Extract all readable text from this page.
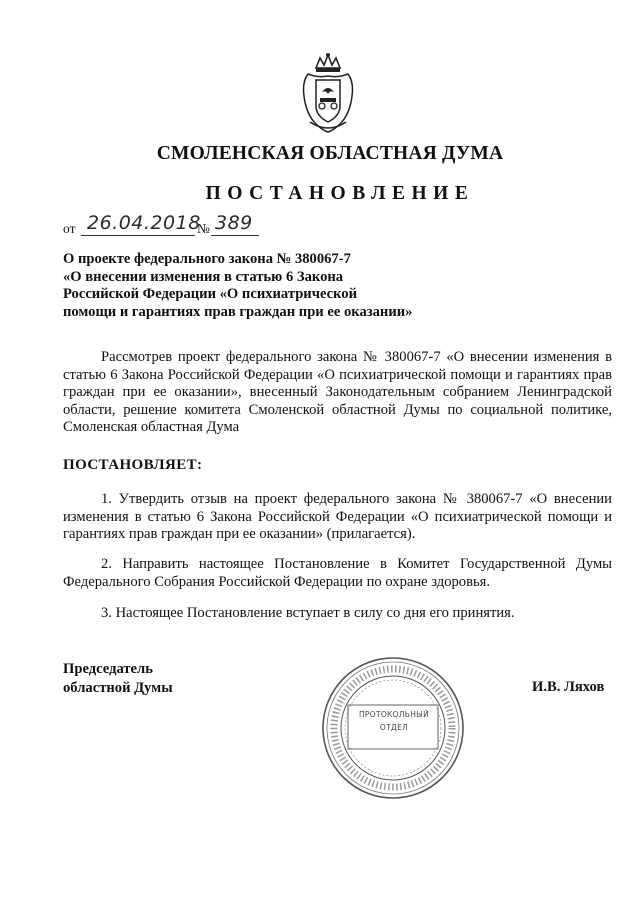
СМОЛЕНСКАЯ ОБЛАСТНАЯ ДУМА
ПОСТАНОВЛЕНИЕ
от 26.04.2018
№ 389
О проекте федерального закона № 380067-7
«О внесении изменения в статью 6 Закона
Российской Федерации «О психиатрической
помощи и гарантиях прав граждан при ее оказании»
Рассмотрев проект федерального закона № 380067-7 «О внесении изменения в статью 6 Закона Российской Федерации «О психиатрической помощи и гарантиях прав граждан при ее оказании», внесенный Законодательным собранием Ленинградской области, решение комитета Смоленской областной Думы по социальной политике, Смоленская областная Дума
ПОСТАНОВЛЯЕТ:
1. Утвердить отзыв на проект федерального закона № 380067-7 «О внесении изменения в статью 6 Закона Российской Федерации «О психиатрической помощи и гарантиях прав граждан при ее оказании» (прилагается).
2. Направить настоящее Постановление в Комитет Государственной Думы Федерального Собрания Российской Федерации по охране здоровья.
3. Настоящее Постановление вступает в силу со дня его принятия.
Председатель
областной Думы
ПРОТОКОЛЬНЫЙ
ОТДЕЛ
И.В. Ляхов
